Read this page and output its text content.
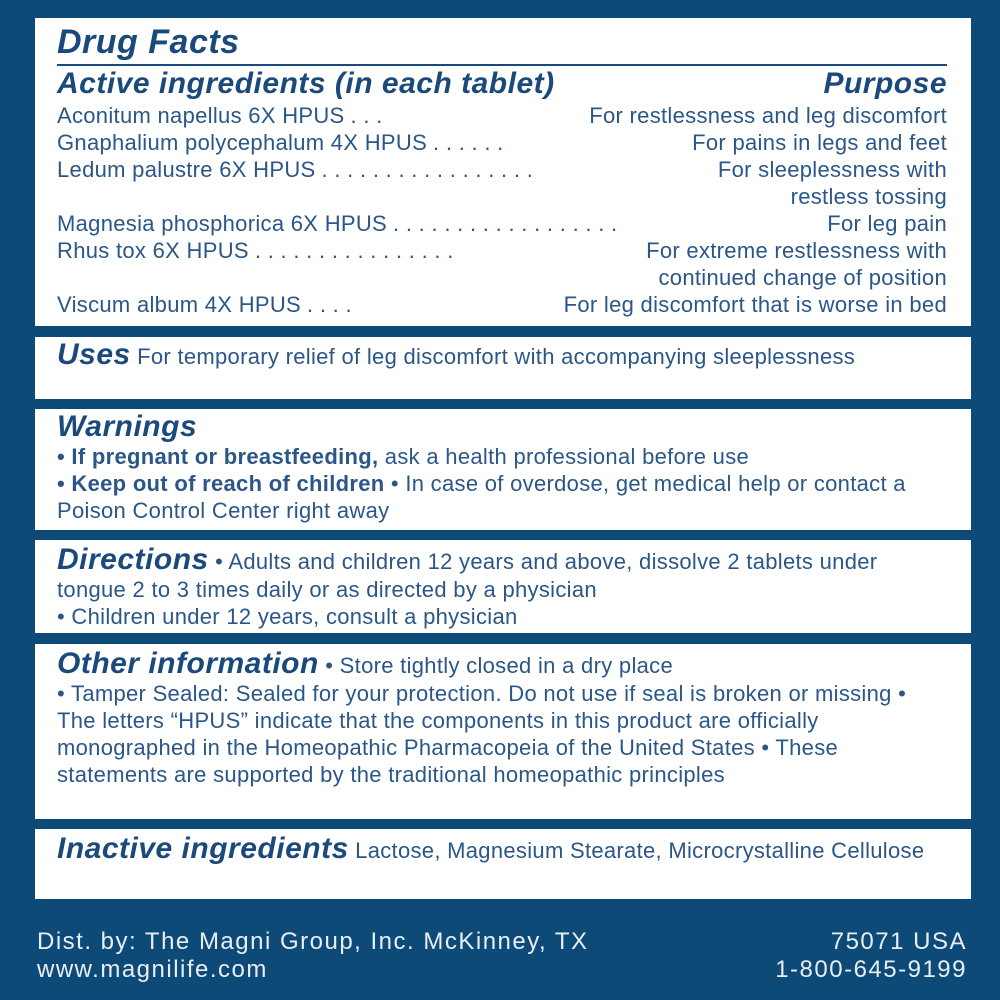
Drug Facts
Active ingredients (in each tablet)	Purpose
Aconitum napellus 6X HPUS . . .	For restlessness and leg discomfort
Gnaphalium polycephalum 4X HPUS . . . . . .	For pains in legs and feet
Ledum palustre 6X HPUS . . . . . . . . . . . . . . . . .	For sleeplessness with
restless tossing
Magnesia phosphorica 6X HPUS . . . . . . . . . . . . . . . . . .	For leg pain
Rhus tox 6X HPUS . . . . . . . . . . . . . . . .	For extreme restlessness with
continued change of position
Viscum album 4X HPUS . . . .	For leg discomfort that is worse in bed
Uses For temporary relief of leg discomfort with accompanying sleeplessness
Warnings
• If pregnant or breastfeeding, ask a health professional before use
• Keep out of reach of children • In case of overdose, get medical help or contact a Poison Control Center right away
Directions • Adults and children 12 years and above, dissolve 2 tablets under tongue 2 to 3 times daily or as directed by a physician
• Children under 12 years, consult a physician
Other information • Store tightly closed in a dry place
• Tamper Sealed: Sealed for your protection. Do not use if seal is broken or missing • The letters “HPUS” indicate that the components in this product are officially monographed in the Homeopathic Pharmacopeia of the United States • These statements are supported by the traditional homeopathic principles
Inactive ingredients Lactose, Magnesium Stearate, Microcrystalline Cellulose
Dist. by: The Magni Group, Inc. McKinney, TX	75071 USA
www.magnilife.com	1-800-645-9199
